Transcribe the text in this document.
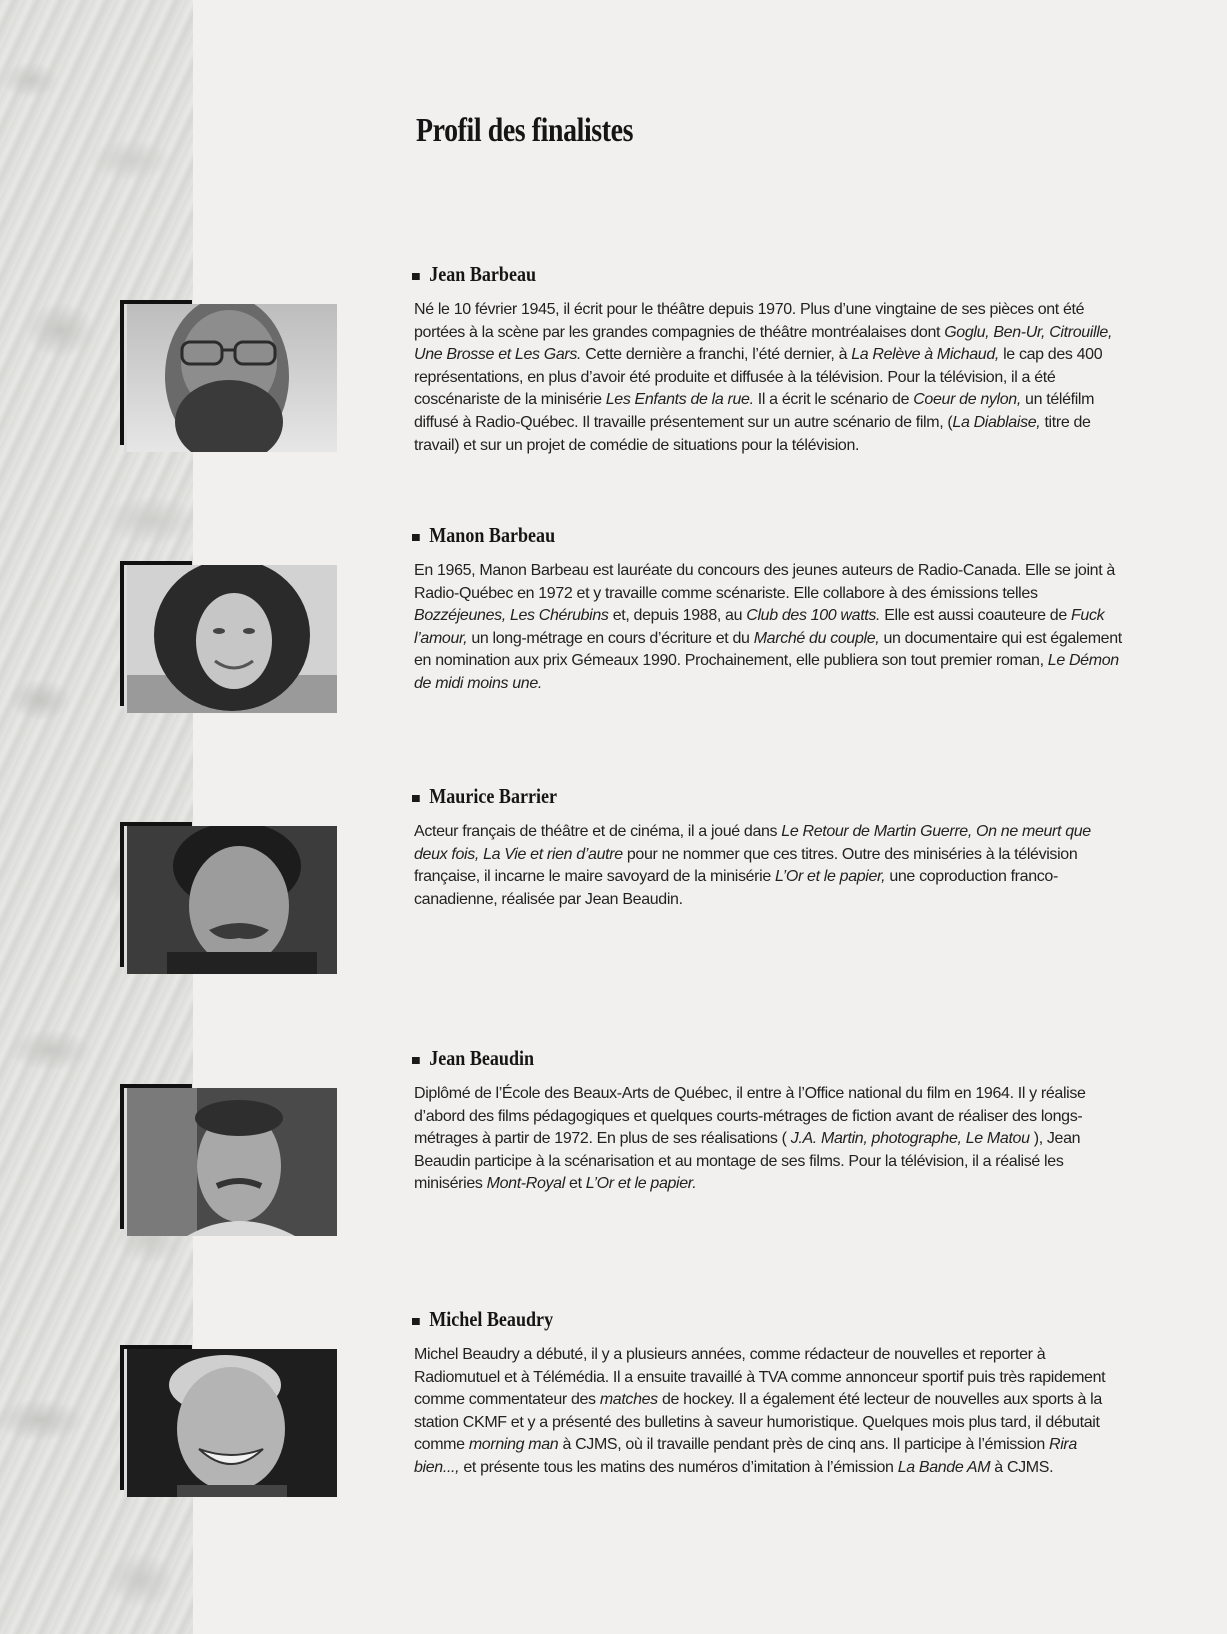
Profil des finalistes
Jean Barbeau

Né le 10 février 1945, il écrit pour le théâtre depuis 1970. Plus d’une vingtaine de ses pièces ont été portées à la scène par les grandes compagnies de théâtre montréalaises dont Goglu, Ben-Ur, Citrouille, Une Brosse et Les Gars. Cette dernière a franchi, l’été dernier, à La Relève à Michaud, le cap des 400 représentations, en plus d’avoir été produite et diffusée à la télévision. Pour la télévision, il a été coscénariste de la minisérie Les Enfants de la rue. Il a écrit le scénario de Coeur de nylon, un téléfilm diffusé à Radio-Québec. Il travaille présentement sur un autre scénario de film, (La Diablaise, titre de travail) et sur un projet de comédie de situations pour la télévision.

Manon Barbeau

En 1965, Manon Barbeau est lauréate du concours des jeunes auteurs de Radio-Canada. Elle se joint à Radio-Québec en 1972 et y travaille comme scénariste. Elle collabore à des émissions telles Bozzéjeunes, Les Chérubins et, depuis 1988, au Club des 100 watts. Elle est aussi coauteure de Fuck l’amour, un long-métrage en cours d’écriture et du Marché du couple, un documentaire qui est également en nomination aux prix Gémeaux 1990. Prochainement, elle publiera son tout premier roman, Le Démon de midi moins une.

Maurice Barrier

Acteur français de théâtre et de cinéma, il a joué dans Le Retour de Martin Guerre, On ne meurt que deux fois, La Vie et rien d’autre pour ne nommer que ces titres. Outre des miniséries à la télévision française, il incarne le maire savoyard de la minisérie L’Or et le papier, une coproduction franco-canadienne, réalisée par Jean Beaudin.

Jean Beaudin

Diplômé de l’École des Beaux-Arts de Québec, il entre à l’Office national du film en 1964. Il y réalise d’abord des films pédagogiques et quelques courts-métrages de fiction avant de réaliser des longs-métrages à partir de 1972. En plus de ses réalisations ( J.A. Martin, photographe, Le Matou ), Jean Beaudin participe à la scénarisation et au montage de ses films. Pour la télévision, il a réalisé les miniséries Mont-Royal et L’Or et le papier.

Michel Beaudry

Michel Beaudry a débuté, il y a plusieurs années, comme rédacteur de nouvelles et reporter à Radiomutuel et à Télémédia. Il a ensuite travaillé à TVA comme annonceur sportif puis très rapidement comme commentateur des matches de hockey. Il a également été lecteur de nouvelles aux sports à la station CKMF et y a présenté des bulletins à saveur humoristique. Quelques mois plus tard, il débutait comme morning man à CJMS, où il travaille pendant près de cinq ans. Il participe à l’émission Rira bien..., et présente tous les matins des numéros d’imitation à l’émission La Bande AM à CJMS.
